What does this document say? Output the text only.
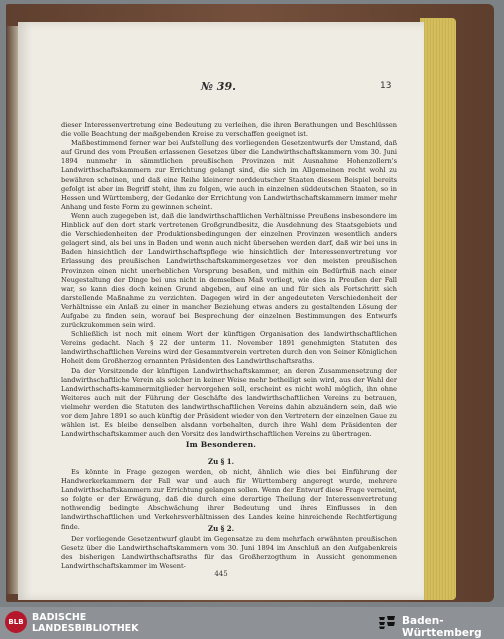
№ 39.	13

dieser Interessenvertretung eine Bedeutung zu verleihen, die ihren Berathungen und Beschlüssen die volle Beachtung der maßgebenden Kreise zu verschaffen geeignet ist.

Maßbestimmend ferner war bei Aufstellung des vorliegenden Gesetzentwurfs der Umstand, daß auf Grund des vom Preußen erlassenen Gesetzes über die Landwirthschaftskammern vom 30. Juni 1894 nunmehr in sämmtlichen preußischen Provinzen mit Ausnahme Hohenzollern's Landwirthschaftskammern zur Errichtung gelangt sind, die sich im Allgemeinen recht wohl zu bewähren scheinen, und daß eine Reihe kleinerer norddeutscher Staaten diesem Beispiel bereits gefolgt ist aber im Begriff steht, ihm zu folgen, wie auch in einzelnen süddeutschen Staaten, so in Hessen und Württemberg, der Gedanke der Errichtung von Landwirthschaftskammern immer mehr Anhang und feste Form zu gewinnen scheint.

Wenn auch zugegeben ist, daß die landwirthschaftlichen Verhältnisse Preußens insbesondere im Hinblick auf den dort stark vertretenen Großgrundbesitz, die Ausdehnung des Staatsgebiets und die Verschiedenheiten der Produktionsbedingungen der einzelnen Provinzen wesentlich anders gelagert sind, als bei uns in Baden und wenn auch nicht übersehen werden darf, daß wir bei uns in Baden hinsichtlich der Landwirthschaftspflege wie hinsichtlich der Interessenvertretung vor Erlassung des preußischen Landwirthschaftskammergesetzes vor den meisten preußischen Provinzen einen nicht unerheblichen Vorsprung besaßen, und mithin ein Bedürfniß nach einer Neugestaltung der Dinge bei uns nicht in demselben Maß vorliegt, wie dies in Preußen der Fall war, so kann dies doch keinen Grund abgeben, auf eine an und für sich als Fortschritt sich darstellende Maßnahme zu verzichten. Dagegen wird in der angedeuteten Verschiedenheit der Verhältnisse ein Anlaß zu einer in mancher Beziehung etwas anders zu gestaltenden Lösung der Aufgabe zu finden sein, worauf bei Besprechung der einzelnen Bestimmungen des Entwurfs zurückzukommen sein wird.

Schließlich ist noch mit einem Wort der künftigen Organisation des landwirthschaftlichen Vereins gedacht. Nach § 22 der unterm 11. November 1891 genehmigten Statuten des landwirthschaftlichen Vereins wird der Gesammtverein vertreten durch den von Seiner Königlichen Hoheit dem Großherzog ernannten Präsidenten des Landwirthschaftsraths.

Da der Vorsitzende der künftigen Landwirthschaftskammer, an deren Zusammensetzung der landwirthschaftliche Verein als solcher in keiner Weise mehr betheiligt sein wird, aus der Wahl der Landwirthschafts-kammermitglieder hervorgehen soll, erscheint es nicht wohl möglich, ihn ohne Weiteres auch mit der Führung der Geschäfte des landwirthschaftlichen Vereins zu betrauen, vielmehr werden die Statuten des landwirthschaftlichen Vereins dahin abzuändern sein, daß wie vor dem Jahre 1891 so auch künftig der Präsident wieder von den Vertretern der einzelnen Gaue zu wählen ist. Es bleibe denselben alsdann vorbehalten, durch ihre Wahl dem Präsidenten der Landwirthschaftskammer auch den Vorsitz des landwirthschaftlichen Vereins zu übertragen.

Im Besonderen.
Zu § 1.

Es könnte in Frage gezogen werden, ob nicht, ähnlich wie dies bei Einführung der Handwerkerkammern der Fall war und auch für Württemberg angeregt wurde, mehrere Landwirthschaftskammern zur Errichtung gelangen sollen. Wenn der Entwurf diese Frage verneint, so folgte er der Erwägung, daß die durch eine derartige Theilung der Interessenvertretung nothwendig bedingte Abschwächung ihrer Bedeutung und ihres Einflusses in den landwirthschaftlichen und Verkehrsverhältnissen des Landes keine hinreichende Rechtfertigung finde.	Zu § 2.

Der vorliegende Gesetzentwurf glaubt im Gegensatze zu dem mehrfach erwähnten preußischen Gesetz über die Landwirthschaftskammern vom 30. Juni 1894 im Anschluß an den Aufgabenkreis des bisherigen Landwirthschaftsraths für das Großherzogthum in Aussicht genommenen Landwirthschaftskammer im Wesent-

445
BLB BADISCHE
LANDESBIBLIOTHEK
Baden-Württemberg
